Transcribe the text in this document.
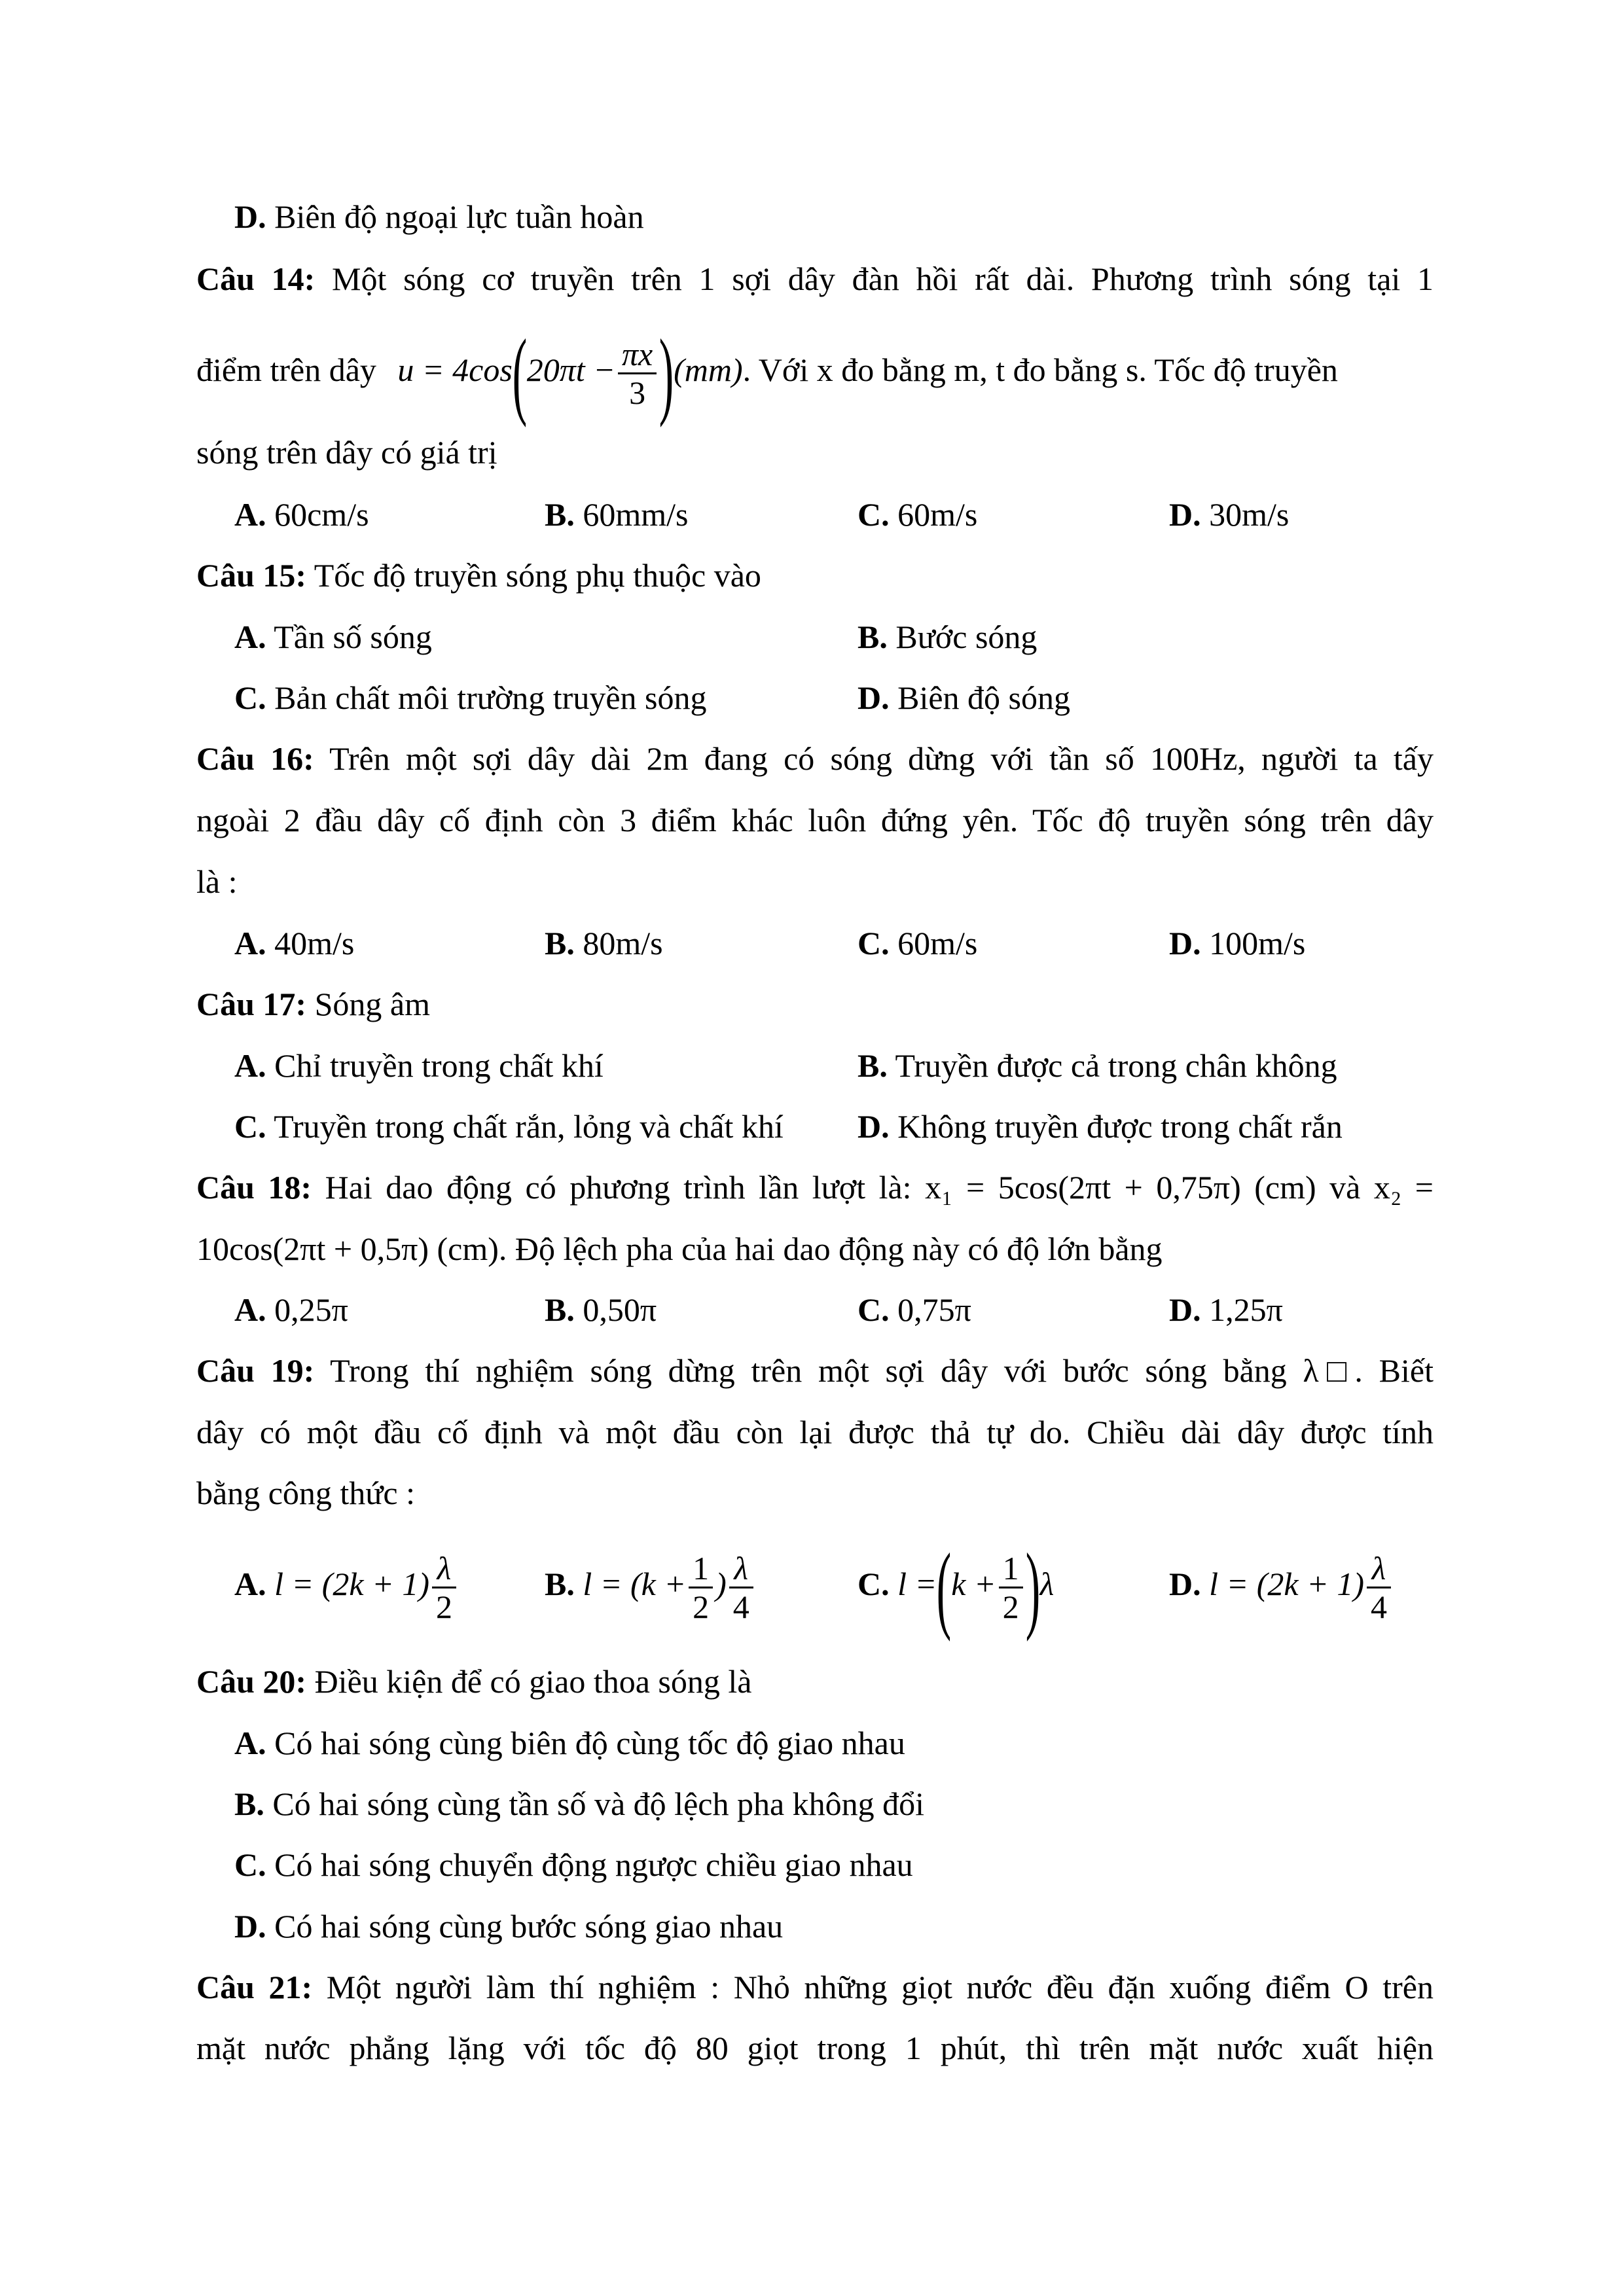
D. Biên độ ngoại lực tuần hoàn
Câu 14: Một sóng cơ truyền trên 1 sợi dây đàn hồi rất dài. Phương trình sóng tại 1
điểm trên dây $u = 4\cos(20\pi t - \frac{\pi x}{3} )(mm)$. Với x đo bằng m, t đo bằng s. Tốc độ truyền
sóng trên dây có giá trị
A. 60cm/s	B. 60mm/s	C. 60m/s	D. 30m/s
Câu 15: Tốc độ truyền sóng phụ thuộc vào
A. Tần số sóng	B. Bước sóng
C. Bản chất môi trường truyền sóng	D. Biên độ sóng
Câu 16: Trên một sợi dây dài 2m đang có sóng dừng với tần số 100Hz, người ta tấy
ngoài 2 đầu dây cố định còn 3 điểm khác luôn đứng yên. Tốc độ truyền sóng trên dây
là :
A. 40m/s	B. 80m/s	C. 60m/s	D. 100m/s
Câu 17: Sóng âm
A. Chỉ truyền trong chất khí	B. Truyền được cả trong chân không
C. Truyền trong chất rắn, lỏng và chất khí D. Không truyền được trong chất rắn
Câu 18: Hai dao động có phương trình lần lượt là: x₁ = 5cos(2πt + 0,75π) (cm) và x₂ =
10cos(2πt + 0,5π) (cm). Độ lệch pha của hai dao động này có độ lớn bằng
A. 0,25π	B. 0,50π	C. 0,75π	D. 1,25π
Câu 19: Trong thí nghiệm sóng dừng trên một sợi dây với bước sóng bằng λ□. Biết
dây có một đầu cố định và một đầu còn lại được thả tự do. Chiều dài dây được tính
bằng công thức :
A. $l = (2k + 1) \frac{\lambda}{2}$	B. $l = (k + \frac{1}{2}$ ) $\frac{\lambda}{4}$	C. $l =(k + \frac{1}{2} )\lambda$	D. $l = (2k + 1) \frac{\lambda}{4}$
Câu 20: Điều kiện để có giao thoa sóng là
A. Có hai sóng cùng biên độ cùng tốc độ giao nhau
B. Có hai sóng cùng tần số và độ lệch pha không đổi
C. Có hai sóng chuyển động ngược chiều giao nhau
D. Có hai sóng cùng bước sóng giao nhau
Câu 21: Một người làm thí nghiệm : Nhỏ những giọt nước đều đặn xuống điểm O trên
mặt nước phẳng lặng với tốc độ 80 giọt trong 1 phút, thì trên mặt nước xuất hiện
